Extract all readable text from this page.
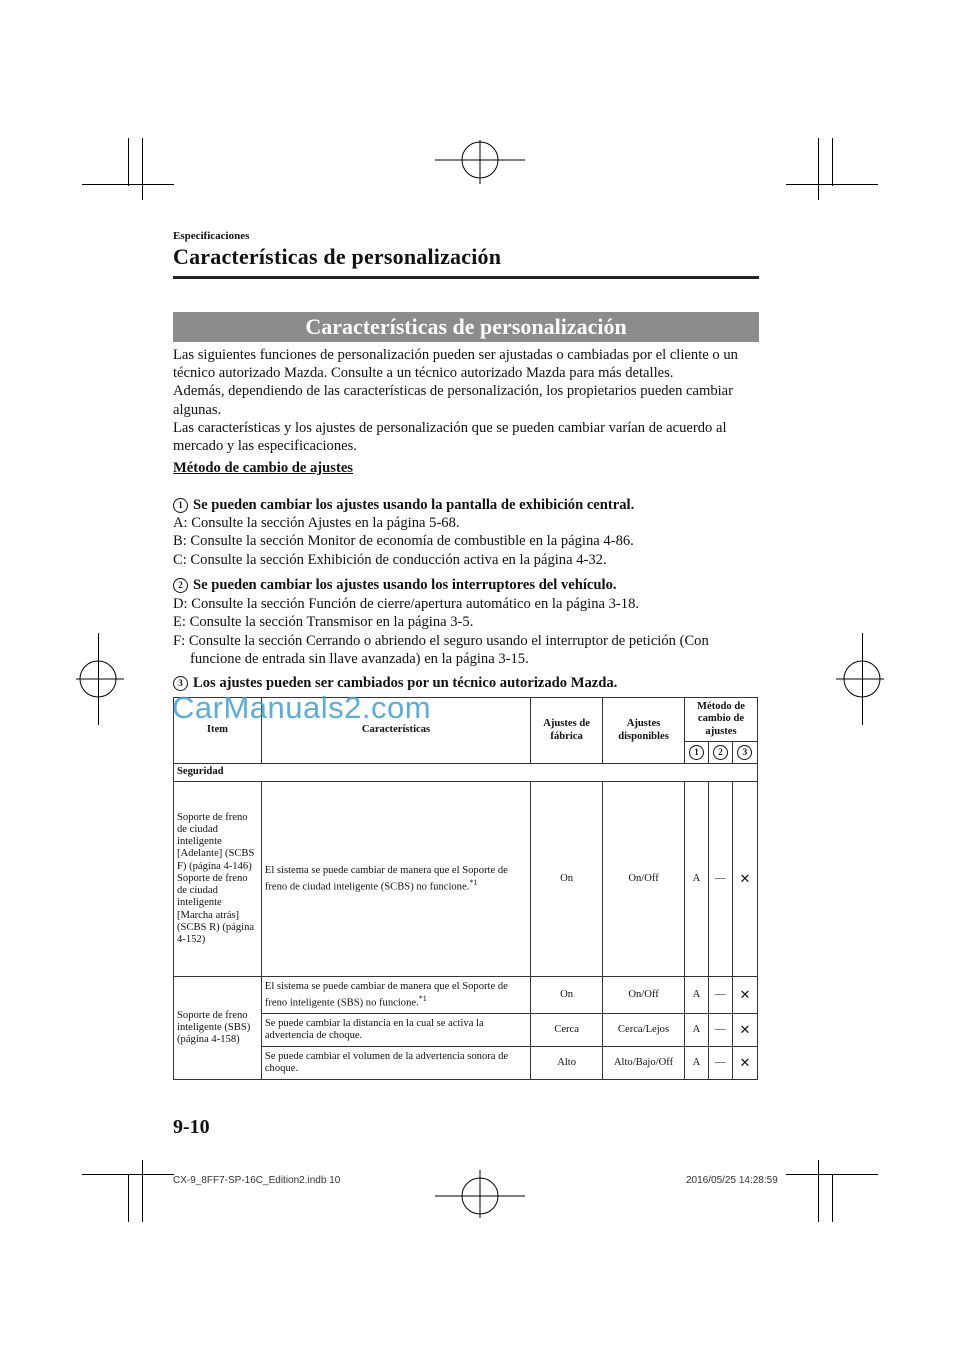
Especificaciones
Características de personalización
Características de personalización

Las siguientes funciones de personalización pueden ser ajustadas o cambiadas por el cliente o un técnico autorizado Mazda. Consulte a un técnico autorizado Mazda para más detalles.

Además, dependiendo de las características de personalización, los propietarios pueden cambiar algunas.

Las características y los ajustes de personalización que se pueden cambiar varían de acuerdo al mercado y las especificaciones.

Método de cambio de ajustes
1 Se pueden cambiar los ajustes usando la pantalla de exhibición central.
A: Consulte la sección Ajustes en la página 5-68.
B: Consulte la sección Monitor de economía de combustible en la página 4-86.
C: Consulte la sección Exhibición de conducción activa en la página 4-32.
2 Se pueden cambiar los ajustes usando los interruptores del vehículo.
D: Consulte la sección Función de cierre/apertura automático en la página 3-18.
E: Consulte la sección Transmisor en la página 3-5.
F: Consulte la sección Cerrando o abriendo el seguro usando el interruptor de petición (Con funcione de entrada sin llave avanzada) en la página 3-15.
3 Los ajustes pueden ser cambiados por un técnico autorizado Mazda.
Item	Características	Ajustes de fábrica	Ajustes disponibles	Método de cambio de ajustes		
				1	2	3
Seguridad						
Soporte de freno de ciudad inteligente [Adelante] (SCBS F) (página 4-146) Soporte de freno de ciudad inteligente [Marcha atrás] (SCBS R) (página 4-152)	El sistema se puede cambiar de manera que el Soporte de freno de ciudad inteligente (SCBS) no funcione.$^{*1}$	On	On/Off	A	—	✕
Soporte de freno inteligente (SBS) (página 4-158)	El sistema se puede cambiar de manera que el Soporte de freno inteligente (SBS) no funcione.$^{*1}$	On	On/Off	A	—	✕
	Se puede cambiar la distancia en la cual se activa la advertencia de choque.	Cerca	Cerca/Lejos	A	—	✕
	Se puede cambiar el volumen de la advertencia sonora de choque.	Alto	Alto/Bajo/Off	A	—	✕
CarManuals2.com
9-10
CX-9_8FF7-SP-16C_Edition2.indb 10	2016/05/25 14:28:59
